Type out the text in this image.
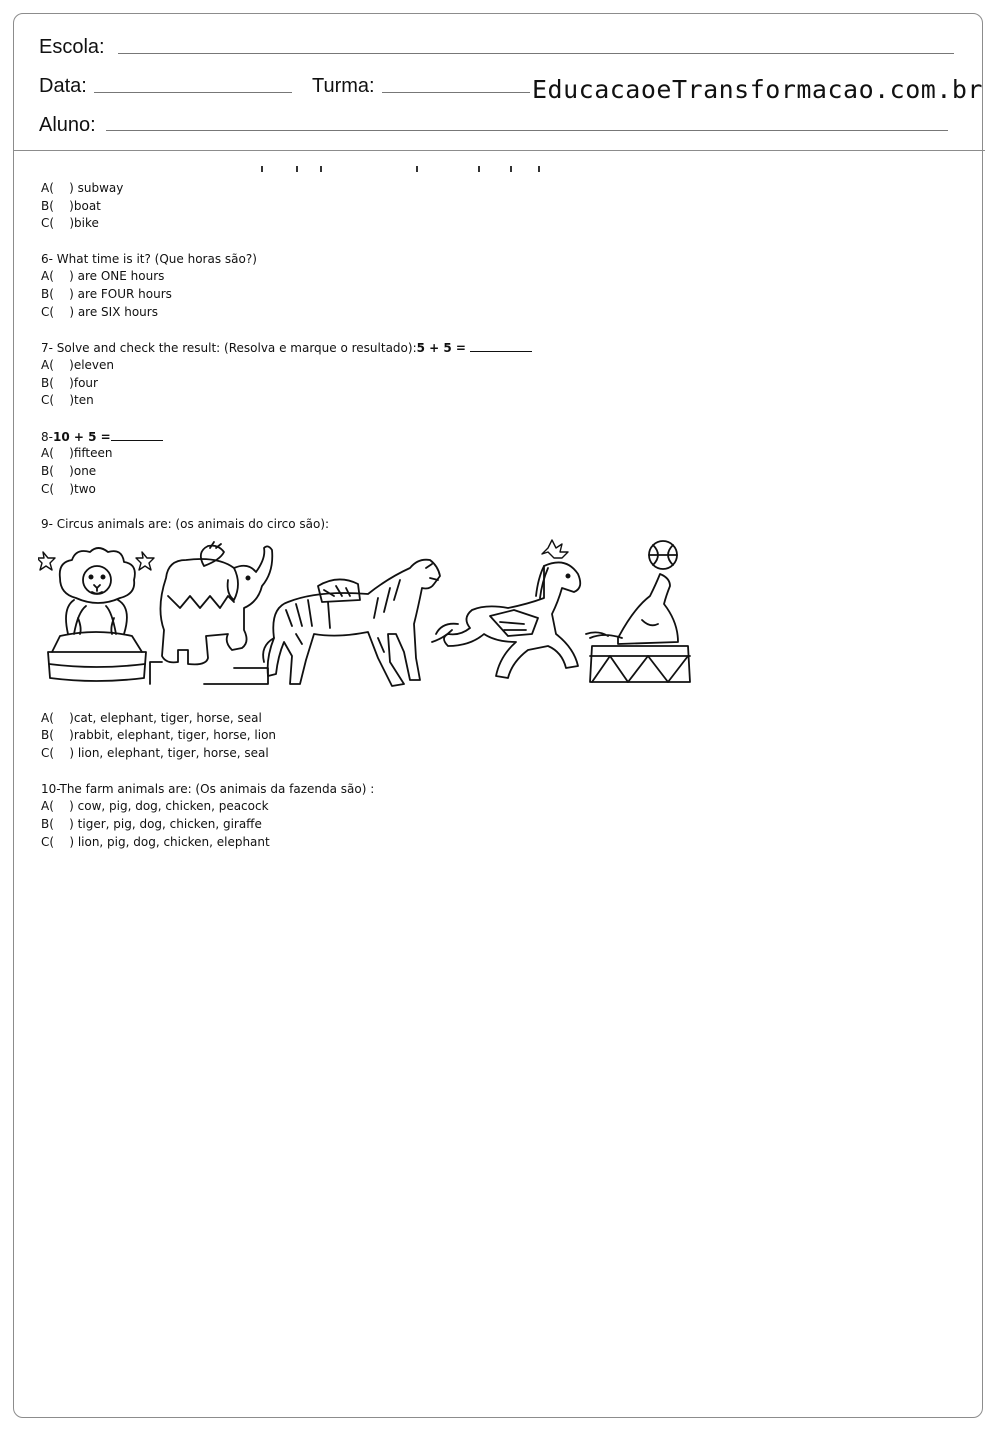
Escola:
Data:	Turma:	EducacaoeTransformacao.com.br
Aluno:
A(    ) subway
B(    )boat
C(    )bike
6- What time is it? (Que horas são?)
A(    ) are ONE hours
B(    ) are FOUR hours
C(    ) are SIX hours
7- Solve and check the result: (Resolva e marque o resultado):5 + 5 =
A(    )eleven
B(    )four
C(    )ten
8-10 + 5 =
A(    )fifteen
B(    )one
C(    )two
9- Circus animals are: (os animais do circo são):
A(    )cat, elephant, tiger, horse, seal
B(    )rabbit, elephant, tiger, horse, lion
C(    ) lion, elephant, tiger, horse, seal
10-The farm animals are: (Os animais da fazenda são) :
A(    ) cow, pig, dog, chicken, peacock
B(    ) tiger, pig, dog, chicken, giraffe
C(    ) lion, pig, dog, chicken, elephant
